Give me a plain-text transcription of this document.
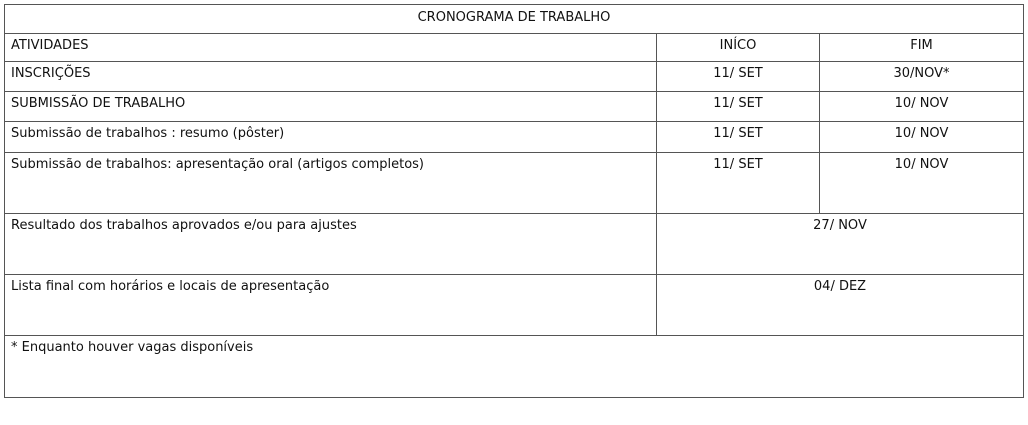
CRONOGRAMA DE TRABALHO		
ATIVIDADES	INÍCO	FIM
INSCRIÇÕES	11/ SET	30/NOV*
SUBMISSÃO DE TRABALHO	11/ SET	10/ NOV
Submissão de trabalhos : resumo (pôster)	11/ SET	10/ NOV
Submissão de trabalhos: apresentação oral (artigos completos)	11/ SET	10/ NOV
Resultado dos trabalhos aprovados e/ou para ajustes	27/ NOV	
Lista final com horários e locais de apresentação	04/ DEZ	
* Enquanto houver vagas disponíveis		
